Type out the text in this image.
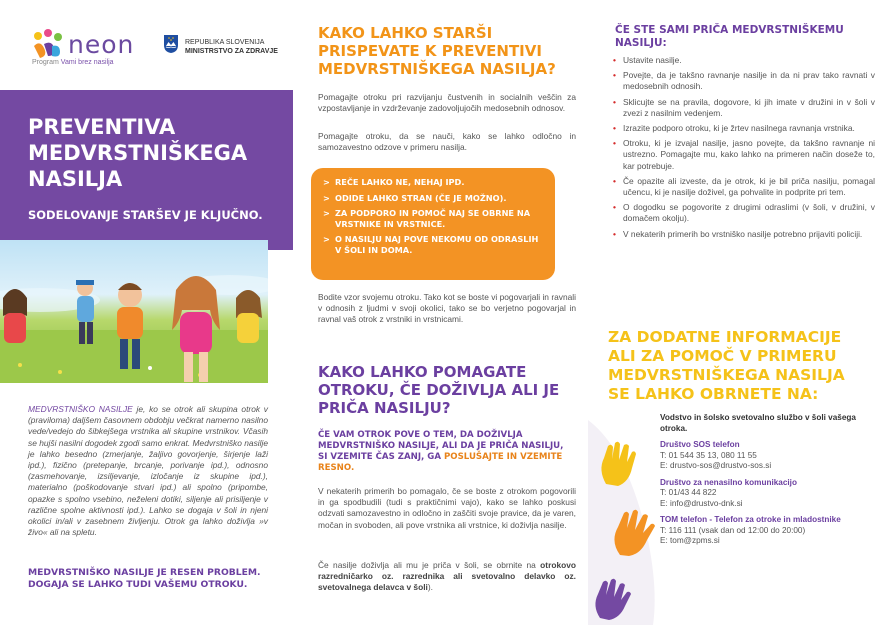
neon
Program Vami brez nasilja
REPUBLIKA SLOVENIJA
MINISTRSTVO ZA ZDRAVJE
PREVENTIVA
MEDVRSTNIŠKEGA
NASILJA
SODELOVANJE STARŠEV JE KLJUČNO.

MEDVRSTNIŠKO NASILJE je, ko se otrok ali skupina otrok v (praviloma) daljšem časovnem obdobju večkrat namerno nasilno vede/vedejo do šibkejšega vrstnika ali skupine vrstnikov. Včasih se hujši nasilni dogodek zgodi samo enkrat. Medvrstniško nasilje je lahko besedno (zmerjanje, žaljivo govorjenje, širjenje laži ipd.), fizično (pretepanje, brcanje, porivanje ipd.), odnosno (zasmehovanje, izsiljevanje, izločanje iz skupine ipd.), materialno (poškodovanje stvari ipd.) ali spolno (pripombe, opazke s spolno vsebino, neželeni dotiki, siljenje ali prisiljenje v različne spolne aktivnosti ipd.). Lahko se dogaja v šoli in njeni okolici in/ali v zasebnem življenju. Otrok ga lahko doživlja »v živo« ali na spletu.

MEDVRSTNIŠKO NASILJE JE RESEN PROBLEM.
DOGAJA SE LAHKO TUDI VAŠEMU OTROKU.
KAKO LAHKO STARŠI PRISPEVATE K PREVENTIVI MEDVRSTNIŠKEGA NASILJA?

Pomagajte otroku pri razvijanju čustvenih in socialnih veščin za vzpostavljanje in vzdrževanje zadovoljujočih medosebnih odnosov.

Pomagajte otroku, da se nauči, kako se lahko odločno in samozavestno odzove v primeru nasilja.

> REČE LAHKO NE, NEHAJ IPD.
> ODIDE LAHKO STRAN (ČE JE MOŽNO).
> ZA PODPORO IN POMOČ NAJ SE OBRNE NA VRSTNIKE IN VRSTNICE.
> O NASILJU NAJ POVE NEKOMU OD ODRASLIH V ŠOLI IN DOMA.

Bodite vzor svojemu otroku. Tako kot se boste vi pogovarjali in ravnali v odnosih z ljudmi v svoji okolici, tako se bo verjetno pogovarjal in ravnal vaš otrok z vrstniki in vrstnicami.

KAKO LAHKO POMAGATE OTROKU, ČE DOŽIVLJA ALI JE PRIČA NASILJU?
ČE VAM OTROK POVE O TEM, DA DOŽIVLJA MEDVRSTNIŠKO NASILJE, ALI DA JE PRIČA NASILJU, SI VZEMITE ČAS ZANJ, GA POSLUŠAJTE IN VZEMITE RESNO.

V nekaterih primerih bo pomagalo, če se boste z otrokom pogovorili in ga spodbudili (tudi s praktičnimi vajo), kako se lahko poskusi odzvati samozavestno in odločno in zaščiti svoje pravice, da je varen, močan in svoboden, ali pove vrstnika ali vrstnice, ki doživlja nasilje.

Če nasilje doživlja ali mu je priča v šoli, se obrnite na otrokovo razredničarko oz. razrednika ali svetovalno delavko oz. svetovalnega delavca v šoli).

ČE STE SAMI PRIČA MEDVRSTNIŠKEMU NASILJU:
• Ustavite nasilje.
• Povejte, da je takšno ravnanje nasilje in da ni prav tako ravnati v medosebnih odnosih.
• Sklicujte se na pravila, dogovore, ki jih imate v družini in v šoli v zvezi z nasilnim vedenjem.
• Izrazite podporo otroku, ki je žrtev nasilnega ravnanja vrstnika.
• Otroku, ki je izvajal nasilje, jasno povejte, da takšno ravnanje ni ustrezno. Pomagajte mu, kako lahko na primeren način doseže to, kar potrebuje.
• Če opazite ali izveste, da je otrok, ki je bil priča nasilju, pomagal učencu, ki je nasilje doživel, ga pohvalite in podprite pri tem.
• O dogodku se pogovorite z drugimi odraslimi (v šoli, v družini, v domačem okolju).
• V nekaterih primerih bo vrstniško nasilje potrebno prijaviti policiji.
ZA DODATNE INFORMACIJE ALI ZA POMOČ V PRIMERU MEDVRSTNIŠKEGA NASILJA SE LAHKO OBRNETE NA:
Vodstvo in šolsko svetovalno službo v šoli vašega otroka.
Društvo SOS telefon
T: 01 544 35 13, 080 11 55
E: drustvo-sos@drustvo-sos.si
Društvo za nenasilno komunikacijo
T: 01/43 44 822
E: info@drustvo-dnk.si
TOM telefon - Telefon za otroke in mladostnike
T: 116 111 (vsak dan od 12:00 do 20:00)
E: tom@zpms.si
